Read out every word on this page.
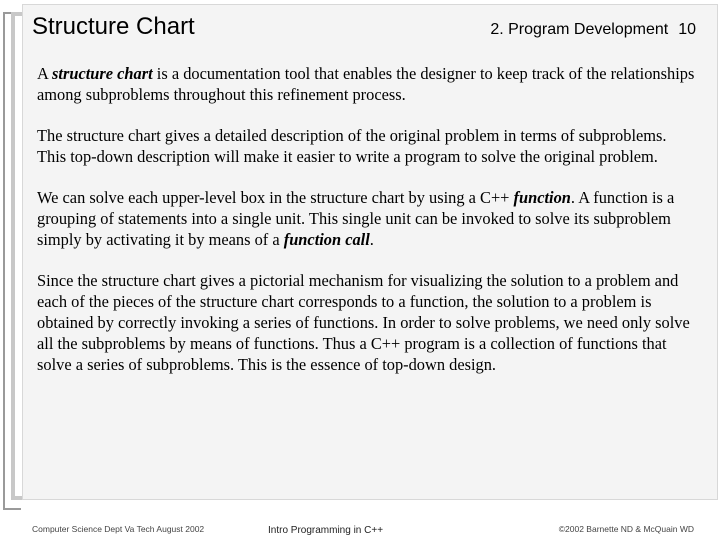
Structure Chart	2. Program Development 10

A structure chart is a documentation tool that enables the designer to keep track of the relationships among subproblems throughout this refinement process.

The structure chart gives a detailed description of the original problem in terms of subproblems. This top-down description will make it easier to write a program to solve the original problem.

We can solve each upper-level box in the structure chart by using a C++ function. A function is a grouping of statements into a single unit. This single unit can be invoked to solve its subproblem simply by activating it by means of a function call.

Since the structure chart gives a pictorial mechanism for visualizing the solution to a problem and each of the pieces of the structure chart corresponds to a function, the solution to a problem is obtained by correctly invoking a series of functions. In order to solve problems, we need only solve all the subproblems by means of functions. Thus a C++ program is a collection of functions that solve a series of subproblems. This is the essence of top-down design.

Computer Science Dept Va Tech August 2002	Intro Programming in C++	©2002 Barnette ND & McQuain WD
